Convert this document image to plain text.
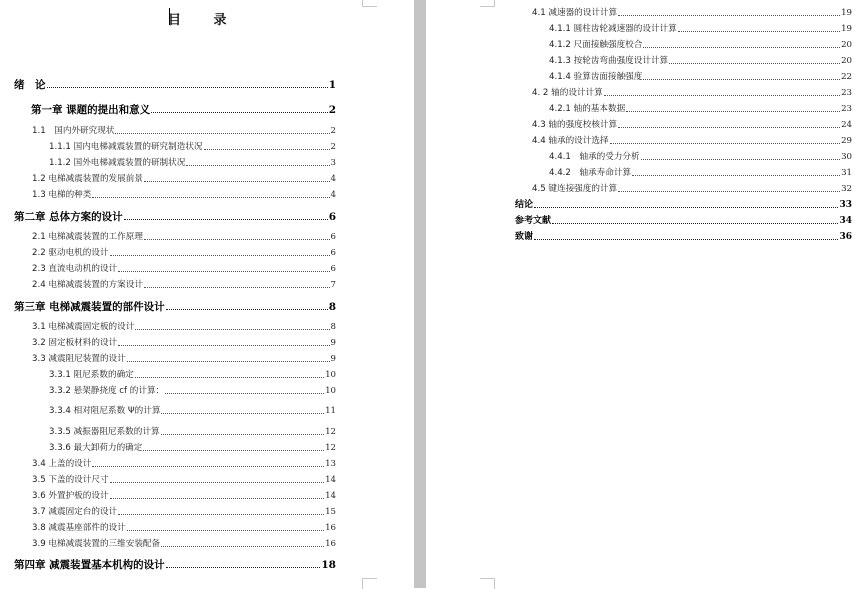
目 录
绪　论	1
第一章 课题的提出和意义	2
1.1　国内外研究现状	2
1.1.1 国内电梯减震装置的研究制造状况	2
1.1.2 国外电梯减震装置的研制状况	3
1.2 电梯减震装置的发展前景	4
1.3 电梯的种类	4
第二章 总体方案的设计	6
2.1 电梯减震装置的工作原理	6
2.2 驱动电机的设计	6
2.3 直流电动机的设计	6
2.4 电梯减震装置的方案设计	7
第三章 电梯减震装置的部件设计	8
3.1 电梯减震固定板的设计	8
3.2 固定板材料的设计	9
3.3 减震阻尼装置的设计	9
3.3.1 阻尼系数的确定	10
3.3.2 悬架静挠度 cf 的计算：	10
3.3.4 相对阻尼系数 Ψ的计算	11
3.3.5 减振器阻尼系数的计算	12
3.3.6 最大卸荷力的确定	12
3.4 上盖的设计	13
3.5 下盖的设计尺寸	14
3.6 外置护板的设计	14
3.7 减震固定台的设计	15
3.8 减震基座部件的设计	16
3.9 电梯减震装置的三维安装配备	16
第四章 减震装置基本机构的设计	18
4.1 减速器的设计计算	19
4.1.1 圆柱齿轮减速器的设计计算	19
4.1.2 尺面接触强度校合	20
4.1.3 按轮齿弯曲强度设计计算	20
4.1.4 验算齿面接触强度	22
4. 2 轴的设计计算	23
4.2.1 轴的基本数据	23
4.3 轴的强度校核计算	24
4.4 轴承的设计选择	29
4.4.1　轴承的受力分析	30
4.4.2　轴承寿命计算	31
4.5 键连接强度的计算	32
结论	33
参考文献	34
致谢	36
